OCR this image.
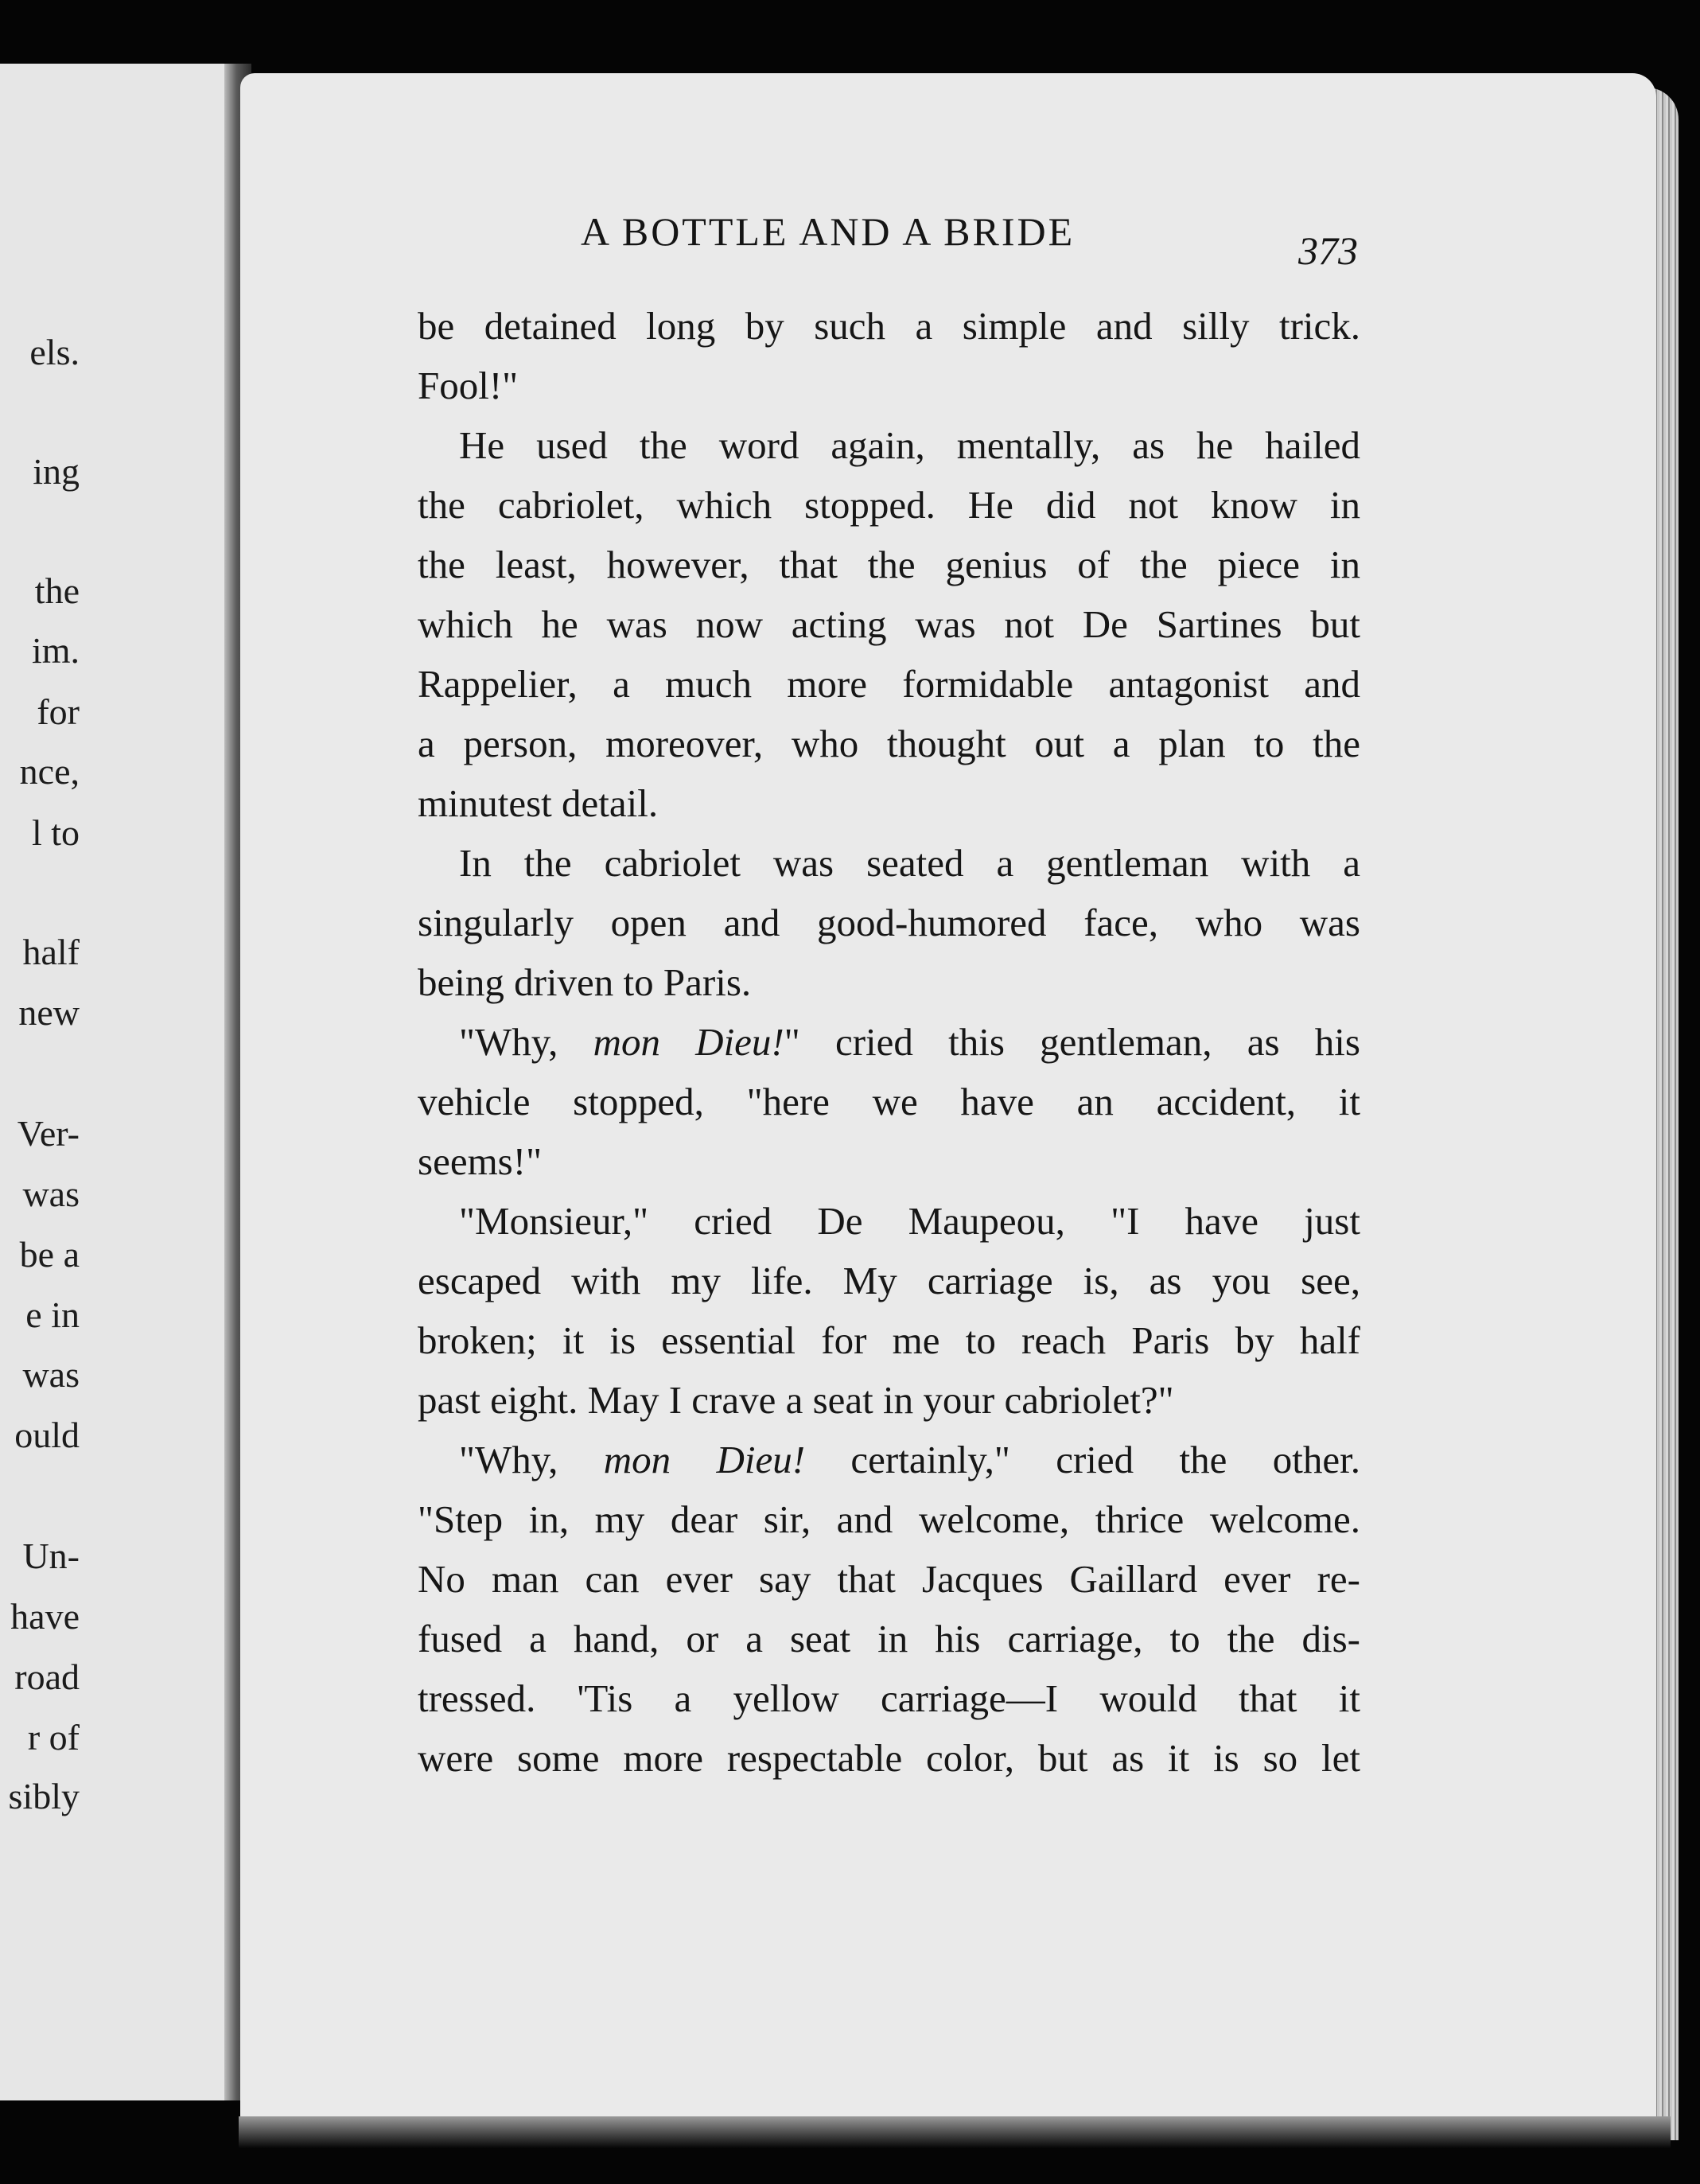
els.
ing
the
im.
for
nce,
l to
half
new
Ver-
was
be a
e in
was
ould
Un-
have
road
r of
sibly
A BOTTLE AND A BRIDE	373
be detained long by such a simple and silly trick.
Fool!"
He used the word again, mentally, as he hailed
the cabriolet, which stopped. He did not know in
the least, however, that the genius of the piece in
which he was now acting was not De Sartines but
Rappelier, a much more formidable antagonist and
a person, moreover, who thought out a plan to the
minutest detail.
In the cabriolet was seated a gentleman with a
singularly open and good-humored face, who was
being driven to Paris.
"Why, mon Dieu!" cried this gentleman, as his
vehicle stopped, "here we have an accident, it
seems!"
"Monsieur," cried De Maupeou, "I have just
escaped with my life. My carriage is, as you see,
broken; it is essential for me to reach Paris by half
past eight. May I crave a seat in your cabriolet?"
"Why, mon Dieu! certainly," cried the other.
"Step in, my dear sir, and welcome, thrice welcome.
No man can ever say that Jacques Gaillard ever re-
fused a hand, or a seat in his carriage, to the dis-
tressed. 'Tis a yellow carriage—I would that it
were some more respectable color, but as it is so let
